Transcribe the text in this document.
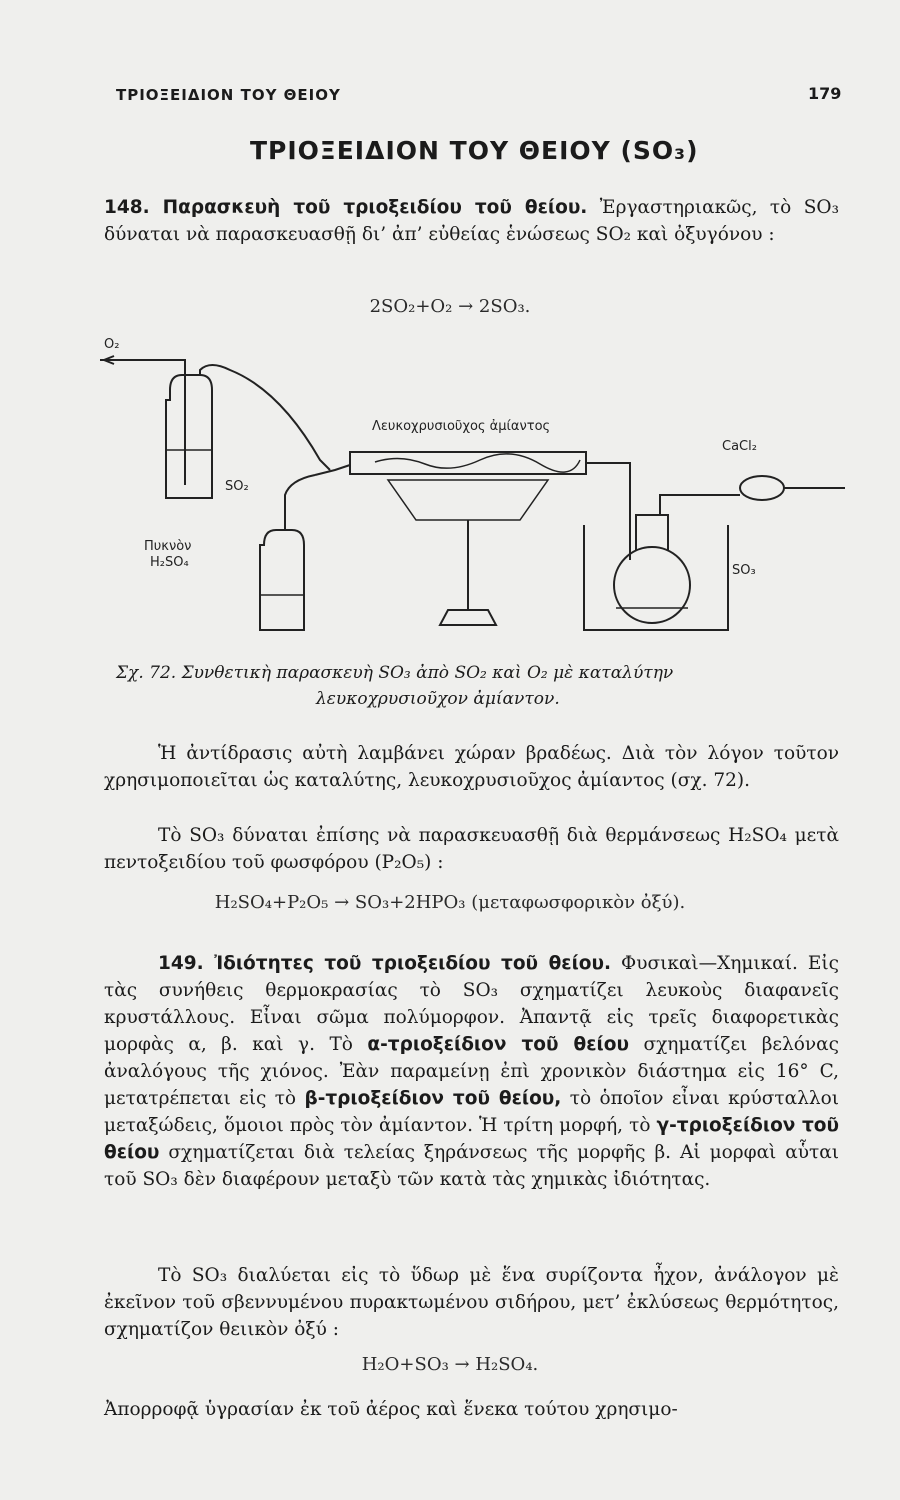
ΤΡΙΟΞΕΙΔΙΟΝ ΤΟΥ ΘΕΙΟΥ	179
ΤΡΙΟΞΕΙΔΙΟΝ ΤΟΥ ΘΕΙΟΥ (SO₃)
148. Παρασκευὴ τοῦ τριοξειδίου τοῦ θείου. Ἐργαστηριακῶς, τὸ SO₃ δύναται νὰ παρασκευασθῇ δι’ ἀπ’ εὐθείας ἑνώσεως SO₂ καὶ ὀξυγόνου :
2SO₂+O₂ → 2SO₃.
O₂
SO₂
Λευκοχρυσιοῦχος ἀμίαντος
CaCl₂
Πυκνὸν
H₂SO₄
SO₃
Σχ. 72. Συνθετικὴ παρασκευὴ SO₃ ἀπὸ SO₂ καὶ O₂ μὲ καταλύτην
λευκοχρυσιοῦχον ἀμίαντον.
Ἡ ἀντίδρασις αὐτὴ λαμβάνει χώραν βραδέως. Διὰ τὸν λόγον τοῦτον χρησιμοποιεῖται ὡς καταλύτης, λευκοχρυσιοῦχος ἀμίαντος (σχ. 72).
Τὸ SO₃ δύναται ἐπίσης νὰ παρασκευασθῇ διὰ θερμάνσεως H₂SO₄ μετὰ πεντοξειδίου τοῦ φωσφόρου (P₂O₅) :
H₂SO₄+P₂O₅ → SO₃+2HPO₃ (μεταφωσφορικὸν ὀξύ).
149. Ἰδιότητες τοῦ τριοξειδίου τοῦ θείου. Φυσικαὶ—Χημικαί. Εἰς τὰς συνήθεις θερμοκρασίας τὸ SO₃ σχηματίζει λευκοὺς διαφανεῖς κρυστάλλους. Εἶναι σῶμα πολύμορφον. Ἀπαντᾷ εἰς τρεῖς διαφορετικὰς μορφὰς α, β. καὶ γ. Τὸ α-τριοξείδιον τοῦ θείου σχηματίζει βελόνας ἀναλόγους τῆς χιόνος. Ἐὰν παραμείνῃ ἐπὶ χρονικὸν διάστημα εἰς 16° C, μετατρέπεται εἰς τὸ β-τριοξείδιον τοῦ θείου, τὸ ὁποῖον εἶναι κρύσταλλοι μεταξώδεις, ὅμοιοι πρὸς τὸν ἀμίαντον. Ἡ τρίτη μορφή, τὸ γ-τριοξείδιον τοῦ θείου σχηματίζεται διὰ τελείας ξηράνσεως τῆς μορφῆς β. Αἱ μορφαὶ αὗται τοῦ SO₃ δὲν διαφέρουν μεταξὺ τῶν κατὰ τὰς χημικὰς ἰδιότητας.
Τὸ SO₃ διαλύεται εἰς τὸ ὕδωρ μὲ ἕνα συρίζοντα ἦχον, ἀνάλογον μὲ ἐκεῖνον τοῦ σβεννυμένου πυρακτωμένου σιδήρου, μετ’ ἐκλύσεως θερμότητος, σχηματίζον θειικὸν ὀξύ :
H₂O+SO₃ → H₂SO₄.
Ἀπορροφᾷ ὑγρασίαν ἐκ τοῦ ἀέρος καὶ ἕνεκα τούτου χρησιμο-
